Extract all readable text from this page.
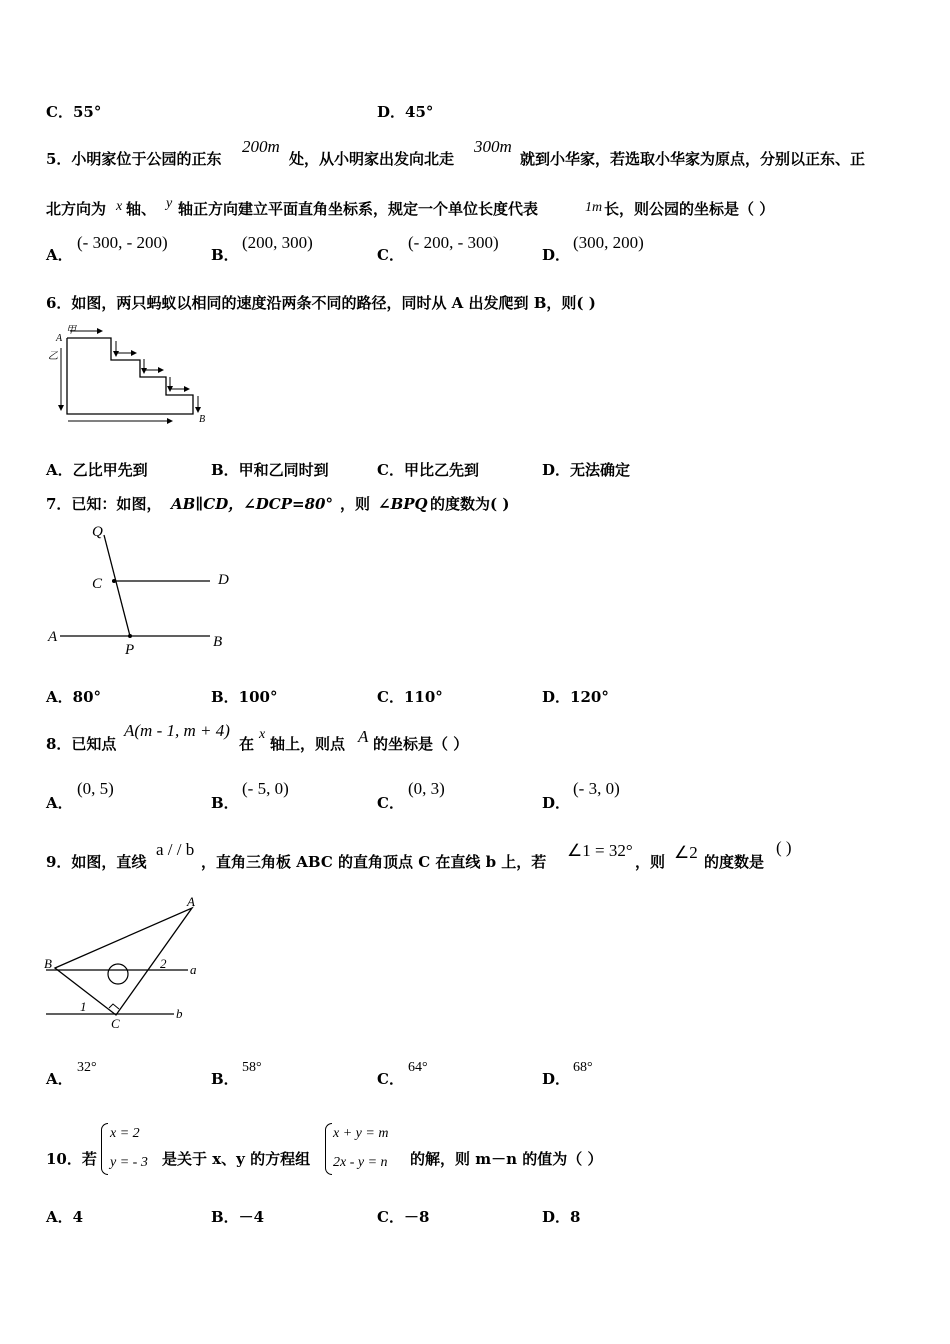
C．55°	D．45°
5．小明家位于公园的正东
200m
处，从小明家出发向北走
300m
就到小华家，若选取小华家为原点，分别以正东、正
北方向为 x 轴、 y 轴正方向建立平面直角坐标系，规定一个单位长度代表	1m 长，则公园的坐标是（ ）
A．
(- 300, - 200)
B．
(200, 300)
C．
(- 200, - 300)
D．
(300, 200)
6．如图，两只蚂蚁以相同的速度沿两条不同的路径，同时从 A 出发爬到 B，则( )
A
甲
乙
B
A．乙比甲先到	B．甲和乙同时到	C．甲比乙先到	D．无法确定
7．已知：如图， AB∥CD，∠DCP=80° ，则 ∠BPQ 的度数为( )
Q
C	D
A
P	B
A．80°	B．100°	C．110°	D．120°
8．已知点
A(m - 1, m + 4)
在
x
轴上，则点 A 的坐标是（ ）
A．
(0, 5)
B．
(- 5, 0)
C．
(0, 3)
D．
(- 3, 0)
9．如图，直线
a / / b
，直角三角板 ABC 的直角顶点 C 在直线 b 上，若
∠1 = 32°
，则 ∠2 的度数是
( )
A
B
C
2
1
a
b
A．
32°
B．
58°
C．
64°
D．
68°
10．若
x = 2
y = - 3 是关于 x、y 的方程组
x + y = m
2x - y = n 的解，则 m－n 的值为（ ）
A．4	B．－4	C．－8	D．8
